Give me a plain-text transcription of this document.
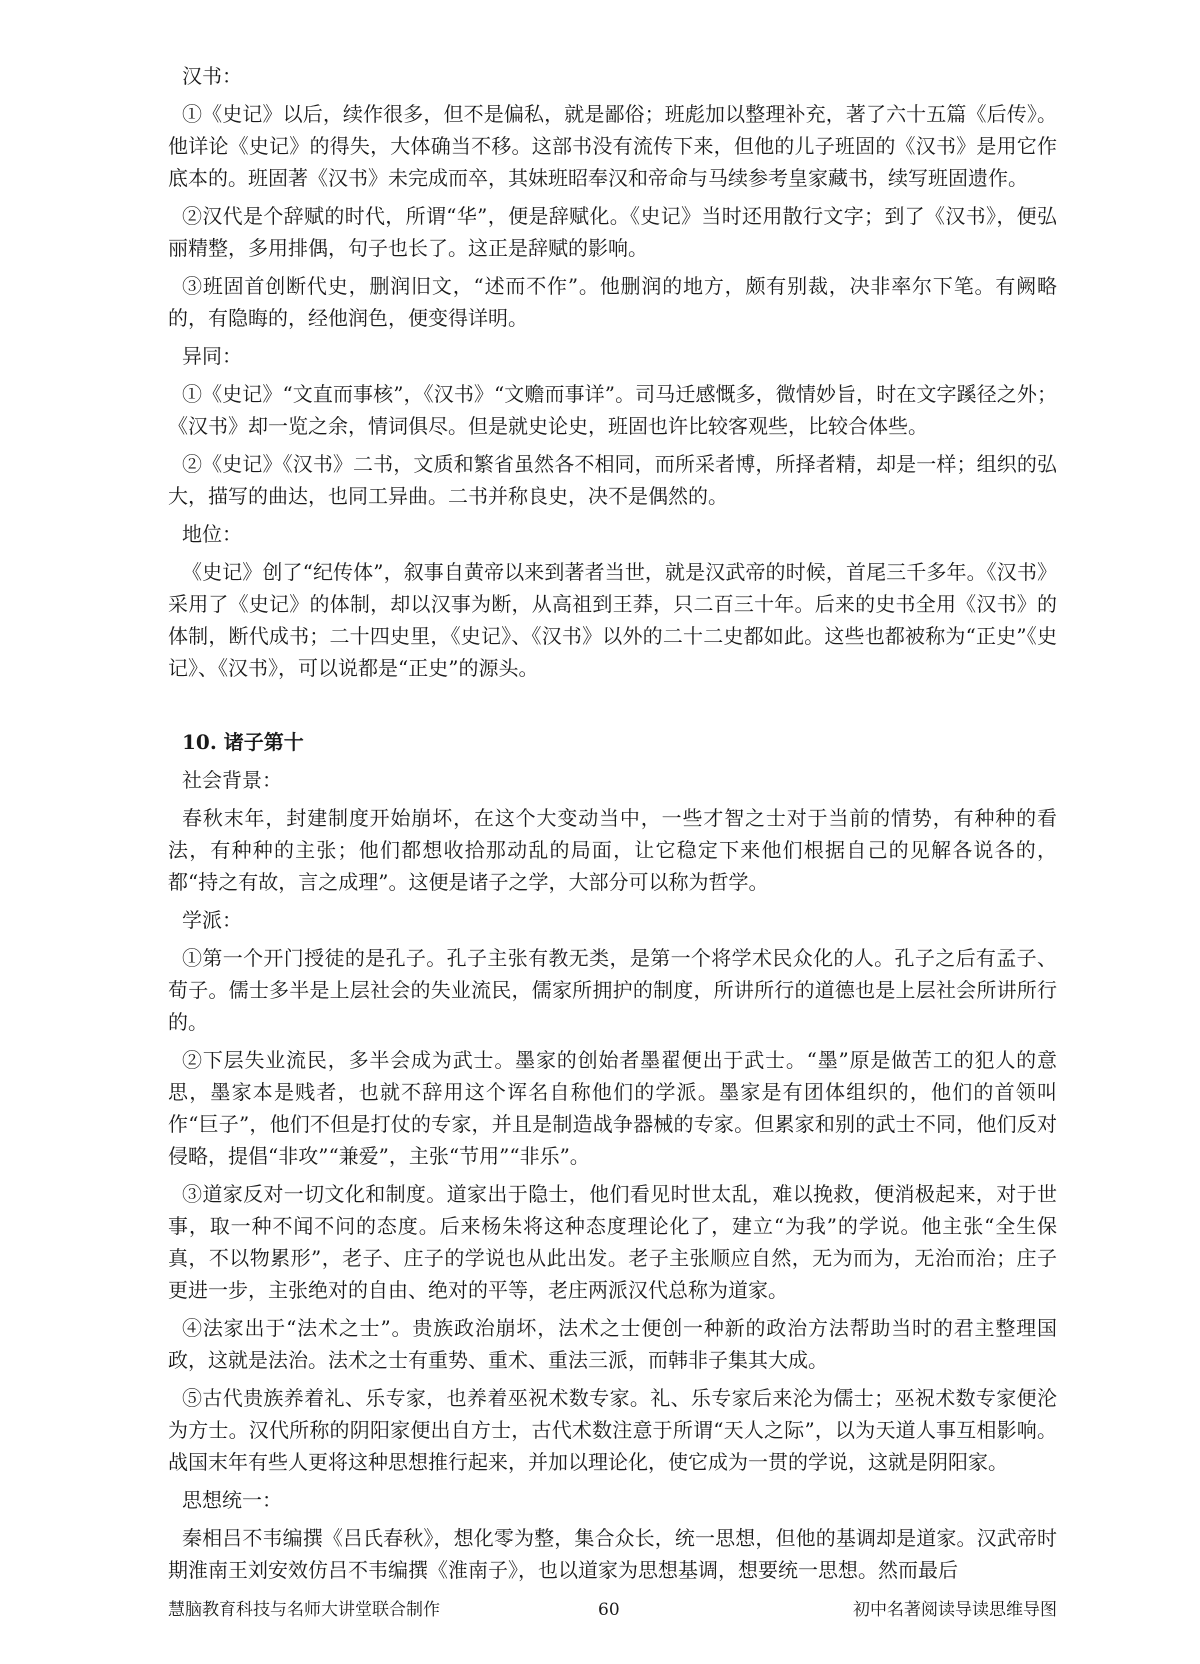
汉书：

①《史记》以后，续作很多，但不是偏私，就是鄙俗；班彪加以整理补充，著了六十五篇《后传》。他详论《史记》的得失，大体确当不移。这部书没有流传下来，但他的儿子班固的《汉书》是用它作底本的。班固著《汉书》未完成而卒，其妹班昭奉汉和帝命与马续参考皇家藏书，续写班固遗作。

②汉代是个辞赋的时代，所谓“华”，便是辞赋化。《史记》当时还用散行文字；到了《汉书》，便弘丽精整，多用排偶，句子也长了。这正是辞赋的影响。

③班固首创断代史，删润旧文，“述而不作”。他删润的地方，颇有别裁，决非率尔下笔。有阙略的，有隐晦的，经他润色，便变得详明。

异同：

①《史记》“文直而事核”，《汉书》“文赡而事详”。司马迁感慨多，微情妙旨，时在文字蹊径之外；《汉书》却一览之余，情词俱尽。但是就史论史，班固也许比较客观些，比较合体些。

②《史记》《汉书》二书，文质和繁省虽然各不相同，而所采者博，所择者精，却是一样；组织的弘大，描写的曲达，也同工异曲。二书并称良史，决不是偶然的。

地位：

《史记》创了“纪传体”，叙事自黄帝以来到著者当世，就是汉武帝的时候，首尾三千多年。《汉书》采用了《史记》的体制，却以汉事为断，从高祖到王莽，只二百三十年。后来的史书全用《汉书》的体制，断代成书；二十四史里，《史记》、《汉书》以外的二十二史都如此。这些也都被称为“正史”《史记》、《汉书》，可以说都是“正史”的源头。

10. 诸子第十
社会背景：

春秋末年，封建制度开始崩坏，在这个大变动当中，一些才智之士对于当前的情势，有种种的看法，有种种的主张；他们都想收拾那动乱的局面，让它稳定下来他们根据自己的见解各说各的，都“持之有故，言之成理”。这便是诸子之学，大部分可以称为哲学。

学派：

①第一个开门授徒的是孔子。孔子主张有教无类，是第一个将学术民众化的人。孔子之后有孟子、荀子。儒士多半是上层社会的失业流民，儒家所拥护的制度，所讲所行的道德也是上层社会所讲所行的。

②下层失业流民，多半会成为武士。墨家的创始者墨翟便出于武士。“墨”原是做苦工的犯人的意思，墨家本是贱者，也就不辞用这个诨名自称他们的学派。墨家是有团体组织的，他们的首领叫作“巨子”，他们不但是打仗的专家，并且是制造战争器械的专家。但累家和别的武士不同，他们反对侵略，提倡“非攻”“兼爱”，主张“节用”“非乐”。

③道家反对一切文化和制度。道家出于隐士，他们看见时世太乱，难以挽救，便消极起来，对于世事，取一种不闻不问的态度。后来杨朱将这种态度理论化了，建立“为我”的学说。他主张“全生保真，不以物累形”，老子、庄子的学说也从此出发。老子主张顺应自然，无为而为，无治而治；庄子更进一步，主张绝对的自由、绝对的平等，老庄两派汉代总称为道家。

④法家出于“法术之士”。贵族政治崩坏，法术之士便创一种新的政治方法帮助当时的君主整理国政，这就是法治。法术之士有重势、重术、重法三派，而韩非子集其大成。

⑤古代贵族养着礼、乐专家，也养着巫祝术数专家。礼、乐专家后来沦为儒士；巫祝术数专家便沦为方士。汉代所称的阴阳家便出自方士，古代术数注意于所谓“天人之际”，以为天道人事互相影响。战国末年有些人更将这种思想推行起来，并加以理论化，使它成为一贯的学说，这就是阴阳家。

思想统一：

秦相吕不韦编撰《吕氏春秋》，想化零为整，集合众长，统一思想，但他的基调却是道家。汉武帝时期淮南王刘安效仿吕不韦编撰《淮南子》，也以道家为思想基调，想要统一思想。然而最后

慧脑教育科技与名师大讲堂联合制作	60	初中名著阅读导读思维导图
